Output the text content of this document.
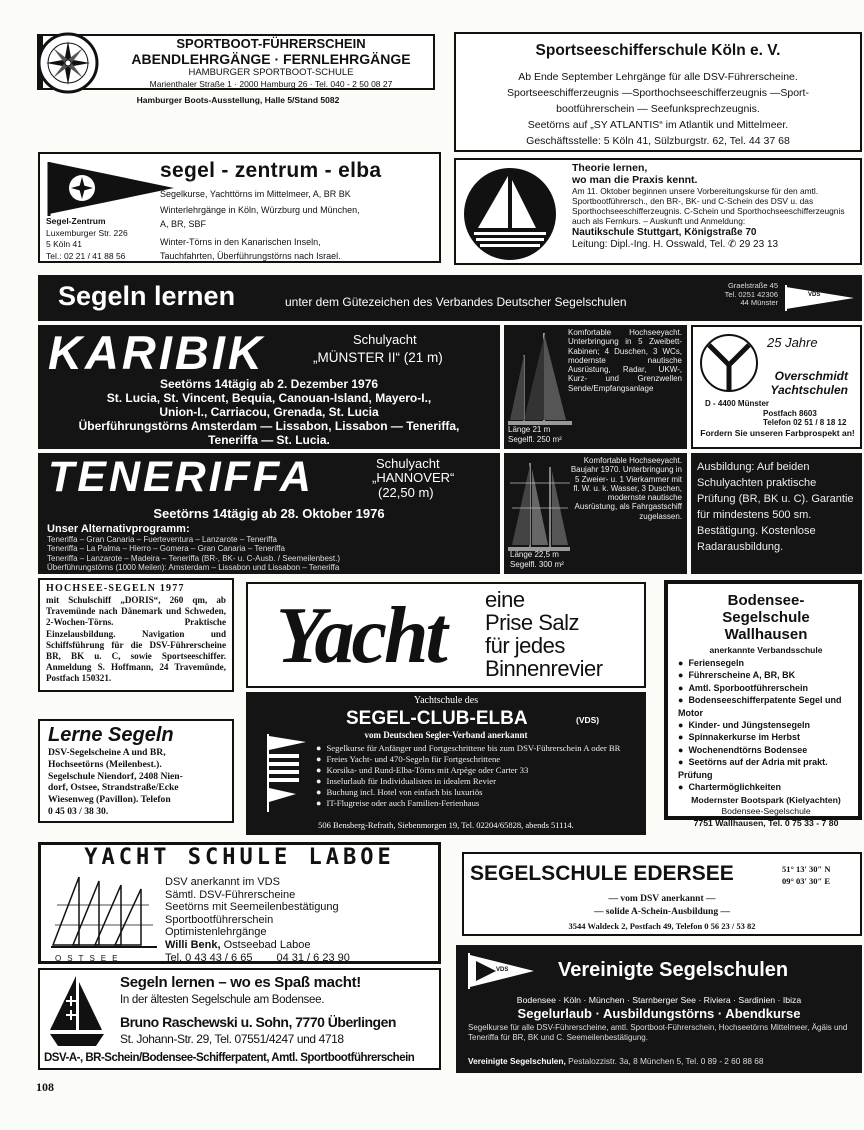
SPORTBOOT-FÜHRERSCHEIN
ABENDLEHRGÄNGE · FERNLEHRGÄNGE
HAMBURGER SPORTBOOT-SCHULE
Marienthaler Straße 1 · 2000 Hamburg 26 · Tel. 040 - 2 50 08 27
Hamburger Boots-Ausstellung, Halle 5/Stand 5082
Sportseeschifferschule Köln e. V.
Ab Ende September Lehrgänge für alle DSV-Führerscheine.
Sportseeschifferzeugnis —Sporthochseeschifferzeugnis —Sport-
bootführerschein — Seefunksprechzeugnis.
Seetörns auf „SY ATLANTIS“ im Atlantik und Mittelmeer.
Geschäftsstelle: 5 Köln 41, Sülzburgstr. 62, Tel. 44 37 68
segel - zentrum - elba
Segelkurse, Yachttörns im Mittelmeer, A, BR BK
Winterlehrgänge in Köln, Würzburg und München,
A, BR, SBF
Winter-Törns in den Kanarischen Inseln,
Tauchfahrten, Überführungstörns nach Israel.
Segel-Zentrum
Luxemburger Str. 226
5 Köln 41
Tel.: 02 21 / 41 88 56
Theorie lernen,
wo man die Praxis kennt.
Am 11. Oktober beginnen unsere Vorbereitungskurse für den amtl. Sportbootführersch., den BR-, BK- und C-Schein des DSV u. das Sporthochseeschifferzeugnis. C-Schein und Sporthochseeschifferzeugnis auch als Fernkurs. – Auskunft und Anmeldung:
Nautikschule Stuttgart, Königstraße 70
Leitung: Dipl.-Ing. H. Osswald, Tel. ✆ 29 23 13
Segeln lernen	unter dem Gütezeichen des Verbandes Deutscher Segelschulen
Graelstraße 45
Tel. 0251 42306
44 Münster
VDS
KARIBIK	Schulyacht
„MÜNSTER II“ (21 m)
Seetörns 14tägig ab 2. Dezember 1976
St. Lucia, St. Vincent, Bequia, Canouan-Island, Mayero-I.,
Union-I., Carriacou, Grenada, St. Lucia
Überführungstörns Amsterdam — Lissabon, Lissabon — Teneriffa,
Teneriffa — St. Lucia.
Komfortable Hochseeyacht. Unterbringung in 5 Zweibett-Kabinen; 4 Duschen, 3 WCs, modernste nautische Ausrüstung, Radar, UKW-, Kurz- und Grenzwellen Sende/Empfangsanlage
Länge 21 m
Segelfl. 250 m²
25 Jahre
Overschmidt
Yachtschulen
D - 4400 Münster
Postfach 8603
Telefon 02 51 / 8 18 12
Fordern Sie unseren Farbprospekt an!
TENERIFFA	Schulyacht
„HANNOVER“
(22,50 m)
Seetörns 14tägig ab 28. Oktober 1976
Unser Alternativprogramm:
Teneriffa – Gran Canaria – Fuerteventura – Lanzarote – Teneriffa
Teneriffa – La Palma – Hierro – Gomera – Gran Canaria – Teneriffa
Teneriffa – Lanzarote – Madeira – Teneriffa (BR-, BK- u. C-Ausb. / Seemeilenbest.)
Überführungstörns (1000 Meilen): Amsterdam – Lissabon und Lissabon – Teneriffa
Komfortable Hochseeyacht. Baujahr 1970. Unterbringung in 5 Zweier- u. 1 Vierkammer mit fl. W. u. k. Wasser, 3 Duschen, modernste nautische Ausrüstung, als Fahrgastschiff zugelassen.
Länge 22,5 m
Segelfl. 300 m²
Ausbildung: Auf beiden Schulyachten praktische Prüfung (BR, BK u. C). Garantie für mindestens 500 sm. Bestätigung. Kostenlose Radarausbildung.
HOCHSEE-SEGELN 1977
mit Schulschiff „DORIS“, 260 qm, ab Travemünde nach Dänemark und Schweden, 2-Wochen-Törns. Praktische Einzelausbildung. Navigation und Schiffsführung für die DSV-Führerscheine BR, BK u. C, sowie Sportseeschiffer. Anmeldung S. Hoffmann, 24 Travemünde, Postfach 150321.	Yacht eine
Prise Salz
für jedes
Binnenrevier
Bodensee-
Segelschule
Wallhausen
anerkannte Verbandsschule
● Feriensegeln
● Führerscheine A, BR, BK
● Amtl. Sporbootführerschein
● Bodenseeschifferpatente Segel und Motor
● Kinder- und Jüngstensegeln
● Spinnakerkurse im Herbst
● Wochenendtörns Bodensee
● Seetörns auf der Adria mit prakt. Prüfung
● Chartermöglichkeiten
Modernster Bootspark (Kielyachten)
Bodensee-Segelschule
7751 Wallhausen, Tel. 0 75 33 - 7 80
Lerne Segeln
DSV-Segelscheine A und BR,
Hochseetörns (Meilenbest.).
Segelschule Niendorf, 2408 Nien-
dorf, Ostsee, Strandstraße/Ecke
Wiesenweg (Pavillon). Telefon
0 45 03 / 38 30.
Yachtschule des
SEGEL-CLUB-ELBA	(VDS)
vom Deutschen Segler-Verband anerkannt
● Segelkurse für Anfänger und Fortgeschrittene bis zum DSV-Führerschein A oder BR
● Freies Yacht- und 470-Segeln für Fortgeschrittene
● Korsika- und Rund-Elba-Törns mit Arpège oder Carter 33
● Inselurlaub für Individualisten in idealem Revier
● Buchung incl. Hotel von einfach bis luxuriös
● IT-Flugreise oder auch Familien-Ferienhaus
506 Bensberg-Refrath, Siebenmorgen 19, Tel. 02204/65828, abends 51114.
YACHT SCHULE LABOE
OSTSEE
DSV anerkannt im VDS
Sämtl. DSV-Führerscheine
Seetörns mit Seemeilenbestätigung
Sportbootführerschein
Optimistenlehrgänge
Willi Benk, Ostseebad Laboe
Tel. 0 43 43 / 6 65 04 31 / 6 23 90
SEGELSCHULE EDERSEE	51° 13′ 30″ N
09° 03′ 30″ E
— vom DSV anerkannt —
— solide A-Schein-Ausbildung —
3544 Waldeck 2, Postfach 49, Telefon 0 56 23 / 53 82
Segeln lernen – wo es Spaß macht!
In der ältesten Segelschule am Bodensee.
Bruno Raschewski u. Sohn, 7770 Überlingen
St. Johann-Str. 29, Tel. 07551/4247 und 4718
DSV-A-, BR-Schein/Bodensee-Schifferpatent, Amtl. Sportbootführerschein
VDS Vereinigte Segelschulen
Bodensee · Köln · München · Starnberger See · Riviera · Sardinien · Ibiza
Segelurlaub · Ausbildungstörns · Abendkurse
Segelkurse für alle DSV-Führerscheine, amtl. Sportboot-Führerschein, Hochseetörns Mittelmeer, Ägäis und Teneriffa für BR, BK und C. Seemeilenbestätigung.
Vereinigte Segelschulen, Pestalozzistr. 3a, 8 München 5, Tel. 0 89 - 2 60 88 68
108
